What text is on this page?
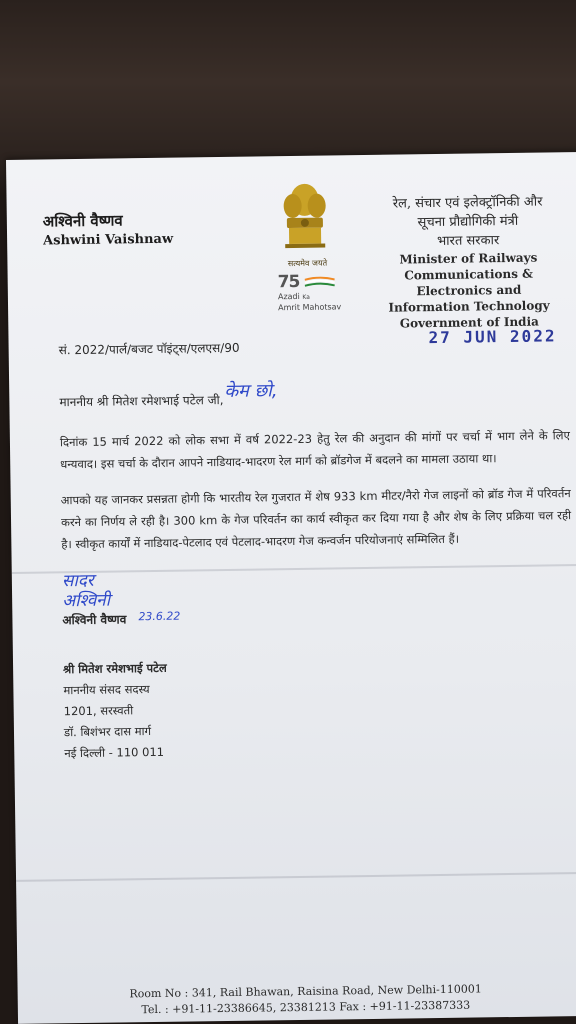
अश्विनी वैष्णव
Ashwini Vaishnaw
सत्यमेव जयते
75
Azadi Ka
Amrit Mahotsav
रेल, संचार एवं इलेक्ट्रॉनिकी और
सूचना प्रौद्योगिकी मंत्री
भारत सरकार
Minister of Railways
Communications & Electronics and
Information Technology
Government of India
सं. 2022/पार्ल/बजट पॉइंट्स/एलएस/90
27 JUN 2022
माननीय श्री मितेश रमेशभाई पटेल जी, केम छो,
दिनांक 15 मार्च 2022 को लोक सभा में वर्ष 2022-23 हेतु रेल की अनुदान की मांगों पर चर्चा में भाग लेने के लिए धन्यवाद। इस चर्चा के दौरान आपने नाडियाद-भादरण रेल मार्ग को ब्रॉडगेज में बदलने का मामला उठाया था।
आपको यह जानकर प्रसन्नता होगी कि भारतीय रेल गुजरात में शेष 933 km मीटर/नैरो गेज लाइनों को ब्रॉड गेज में परिवर्तन करने का निर्णय ले रही है। 300 km के गेज परिवर्तन का कार्य स्वीकृत कर दिया गया है और शेष के लिए प्रक्रिया चल रही है। स्वीकृत कार्यों में नाडियाद-पेटलाद एवं पेटलाद-भादरण गेज कन्वर्जन परियोजनाएं सम्मिलित हैं।
सादर
अश्विनी
अश्विनी वैष्णव 23.6.22
श्री मितेश रमेशभाई पटेल
माननीय संसद सदस्य
1201, सरस्वती
डॉ. बिशंभर दास मार्ग
नई दिल्ली - 110 011
Room No : 341, Rail Bhawan, Raisina Road, New Delhi-110001
Tel. : +91-11-23386645, 23381213 Fax : +91-11-23387333
